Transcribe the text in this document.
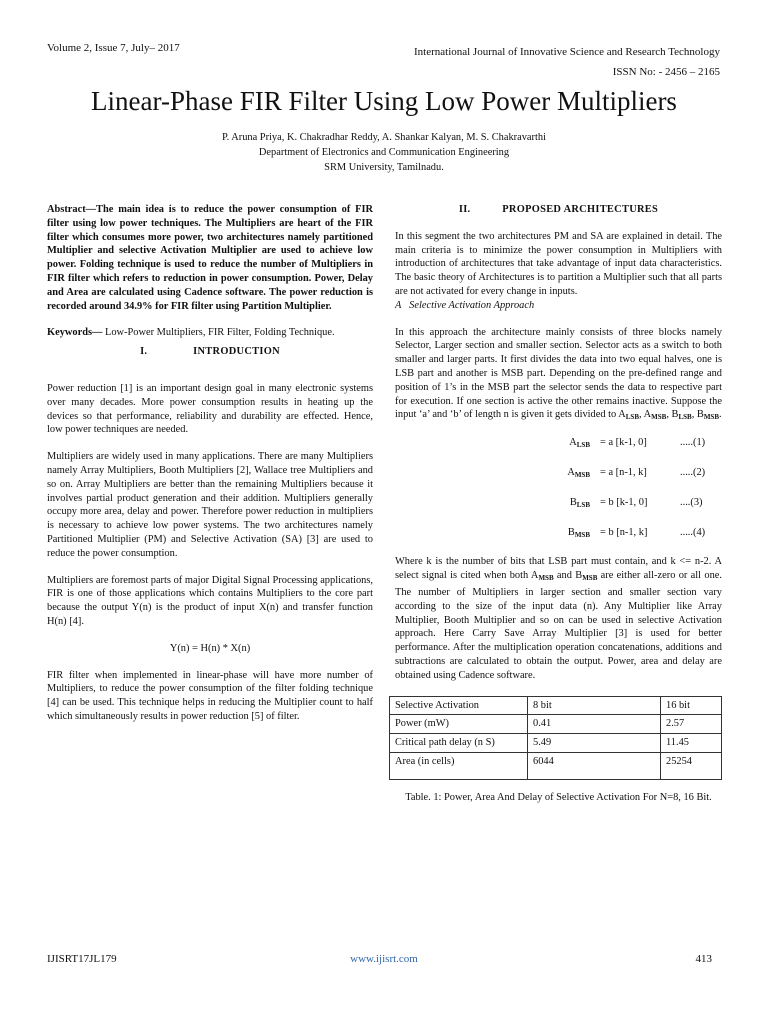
Volume 2, Issue 7, July– 2017	International Journal of Innovative Science and Research Technology
ISSN No: - 2456 – 2165
Linear-Phase FIR Filter Using Low Power Multipliers
P. Aruna Priya, K. Chakradhar Reddy, A. Shankar Kalyan, M. S. Chakravarthi
Department of Electronics and Communication Engineering
SRM University, Tamilnadu.

Abstract—The main idea is to reduce the power consumption of FIR filter using low power techniques. The Multipliers are heart of the FIR filter which consumes more power, two architectures namely partitioned Multiplier and selective Activation Multiplier are used to achieve low power. Folding technique is used to reduce the number of Multipliers in FIR filter which refers to reduction in power consumption. Power, Delay and Area are calculated using Cadence software. The power reduction is recorded around 34.9% for FIR filter using Partition Multiplier.

Keywords— Low-Power Multipliers, FIR Filter, Folding Technique.

I.	INTRODUCTION

Power reduction [1] is an important design goal in many electronic systems over many decades. More power consumption results in heating up the devices so that performance, reliability and durability are effected. Hence, low power techniques are needed.

Multipliers are widely used in many applications. There are many Multipliers namely Array Multipliers, Booth Multipliers [2], Wallace tree Multipliers and so on. Array Multipliers are better than the remaining Multipliers because it involves partial product generation and their addition. Multipliers generally occupy more area, delay and power. Therefore power reduction in multipliers is necessary to achieve low power systems. The two architectures namely Partitioned Multiplier (PM) and Selective Activation (SA) [3] are used to reduce the power consumption.

Multipliers are foremost parts of major Digital Signal Processing applications, FIR is one of those applications which contains Multipliers to the core part because the output Y(n) is the product of input X(n) and transfer function H(n) [4].

Y(n) = H(n) * X(n)

FIR filter when implemented in linear-phase will have more number of Multipliers, to reduce the power consumption of the filter folding technique [4] can be used. This technique helps in reducing the Multiplier count to half which simultaneously results in power reduction [5] of filter.

II.	PROPOSED ARCHITECTURES

In this segment the two architectures PM and SA are explained in detail. The main criteria is to minimize the power consumption in Multipliers with introduction of architectures that take advantage of input data characteristics. The basic theory of Architectures is to partition a Multiplier such that all parts are not activated for every change in inputs.

A Selective Activation Approach

In this approach the architecture mainly consists of three blocks namely Selector, Larger section and smaller section. Selector acts as a switch to both smaller and larger parts. It first divides the data into two equal halves, one is LSB part and another is MSB part. Depending on the pre-defined range and position of 1’s in the MSB part the selector sends the data to respective part for execution. If one section is active the other remains inactive. Suppose the input ‘a’ and ‘b’ of length n is given it gets divided to $A_{LSB}$, $A_{MSB}$, $B_{LSB}$, $B_{MSB}$.

$A_{LSB} = a$ [k-1, 0]	.....(1)
$A_{MSB} = a$ [n-1, k]	.....(2)
$B_{LSB} = b$ [k-1, 0]	....(3)
$B_{MSB} = b$ [n-1, k]	.....(4)

Where k is the number of bits that LSB part must contain, and k <= n-2. A select signal is cited when both $A_{MSB}$ and $B_{MSB}$ are either all-zero or all one. The number of Multipliers in larger section and smaller section vary according to the size of the input data (n). Any Multiplier like Array Multiplier, Booth Multiplier and so on can be used in selective Activation approach. Here Carry Save Array Multiplier [3] is used for better performance. After the multiplication operation concatenations, additions and subtractions are calculated to obtain the output. Power, area and delay are obtained using Cadence software.

Selective Activation	8 bit	16 bit
Power (mW)	0.41	2.57
Critical path delay (n S)	5.49	11.45
Area (in cells)	6044	25254

Table. 1: Power, Area And Delay of Selective Activation For N=8, 16 Bit.

IJISRT17JL179	www.ijisrt.com	413
